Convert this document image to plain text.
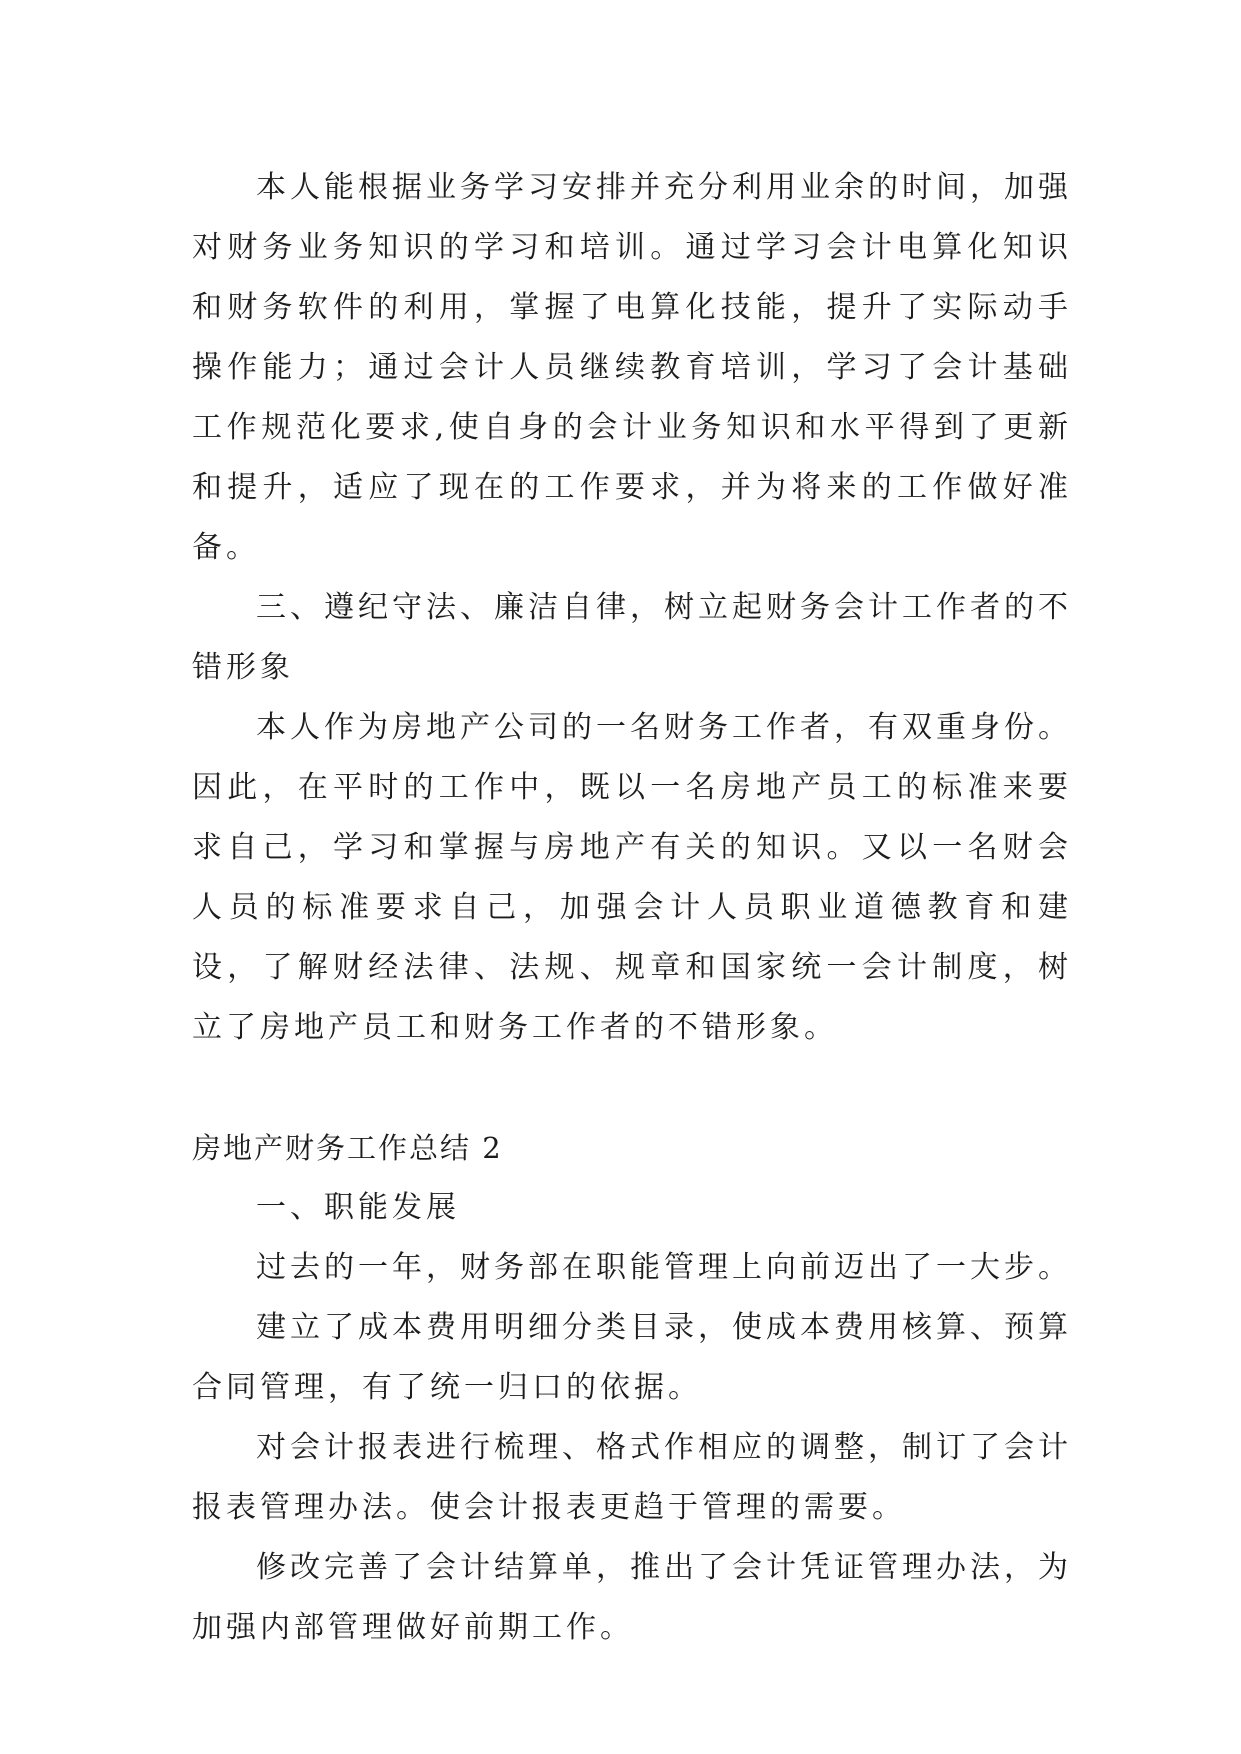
本人能根据业务学习安排并充分利用业余的时间，加强对财务业务知识的学习和培训。通过学习会计电算化知识和财务软件的利用，掌握了电算化技能，提升了实际动手操作能力；通过会计人员继续教育培训，学习了会计基础工作规范化要求,使自身的会计业务知识和水平得到了更新和提升，适应了现在的工作要求，并为将来的工作做好准备。

三、遵纪守法、廉洁自律，树立起财务会计工作者的不错形象

本人作为房地产公司的一名财务工作者，有双重身份。因此，在平时的工作中，既以一名房地产员工的标准来要求自己，学习和掌握与房地产有关的知识。又以一名财会人员的标准要求自己，加强会计人员职业道德教育和建设，了解财经法律、法规、规章和国家统一会计制度，树立了房地产员工和财务工作者的不错形象。

房地产财务工作总结 2

一、职能发展

过去的一年，财务部在职能管理上向前迈出了一大步。

建立了成本费用明细分类目录，使成本费用核算、预算合同管理，有了统一归口的依据。

对会计报表进行梳理、格式作相应的调整，制订了会计报表管理办法。使会计报表更趋于管理的需要。

修改完善了会计结算单，推出了会计凭证管理办法，为加强内部管理做好前期工作。
